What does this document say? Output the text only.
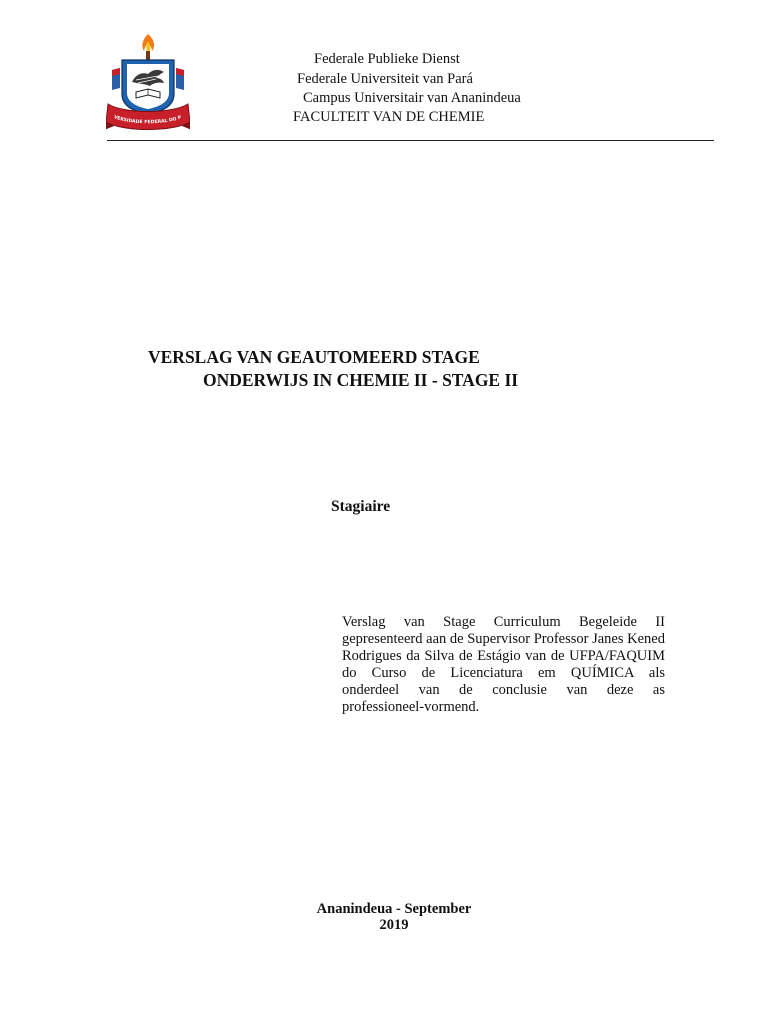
VERSIDADE FEDERAL DO P
Federale Publieke Dienst
Federale Universiteit van Pará
Campus Universitair van Ananindeua
FACULTEIT VAN DE CHEMIE
VERSLAG VAN GEAUTOMEERD STAGE
ONDERWIJS IN CHEMIE II - STAGE II
Stagiaire
Verslag van Stage Curriculum Begeleide II
gepresenteerd aan de Supervisor Professor Janes Kened
Rodrigues da Silva de Estágio van de UFPA/FAQUIM
do Curso de Licenciatura em QUÍMICA als
onderdeel van de conclusie van deze as
professioneel-vormend.
Ananindeua - September
2019
